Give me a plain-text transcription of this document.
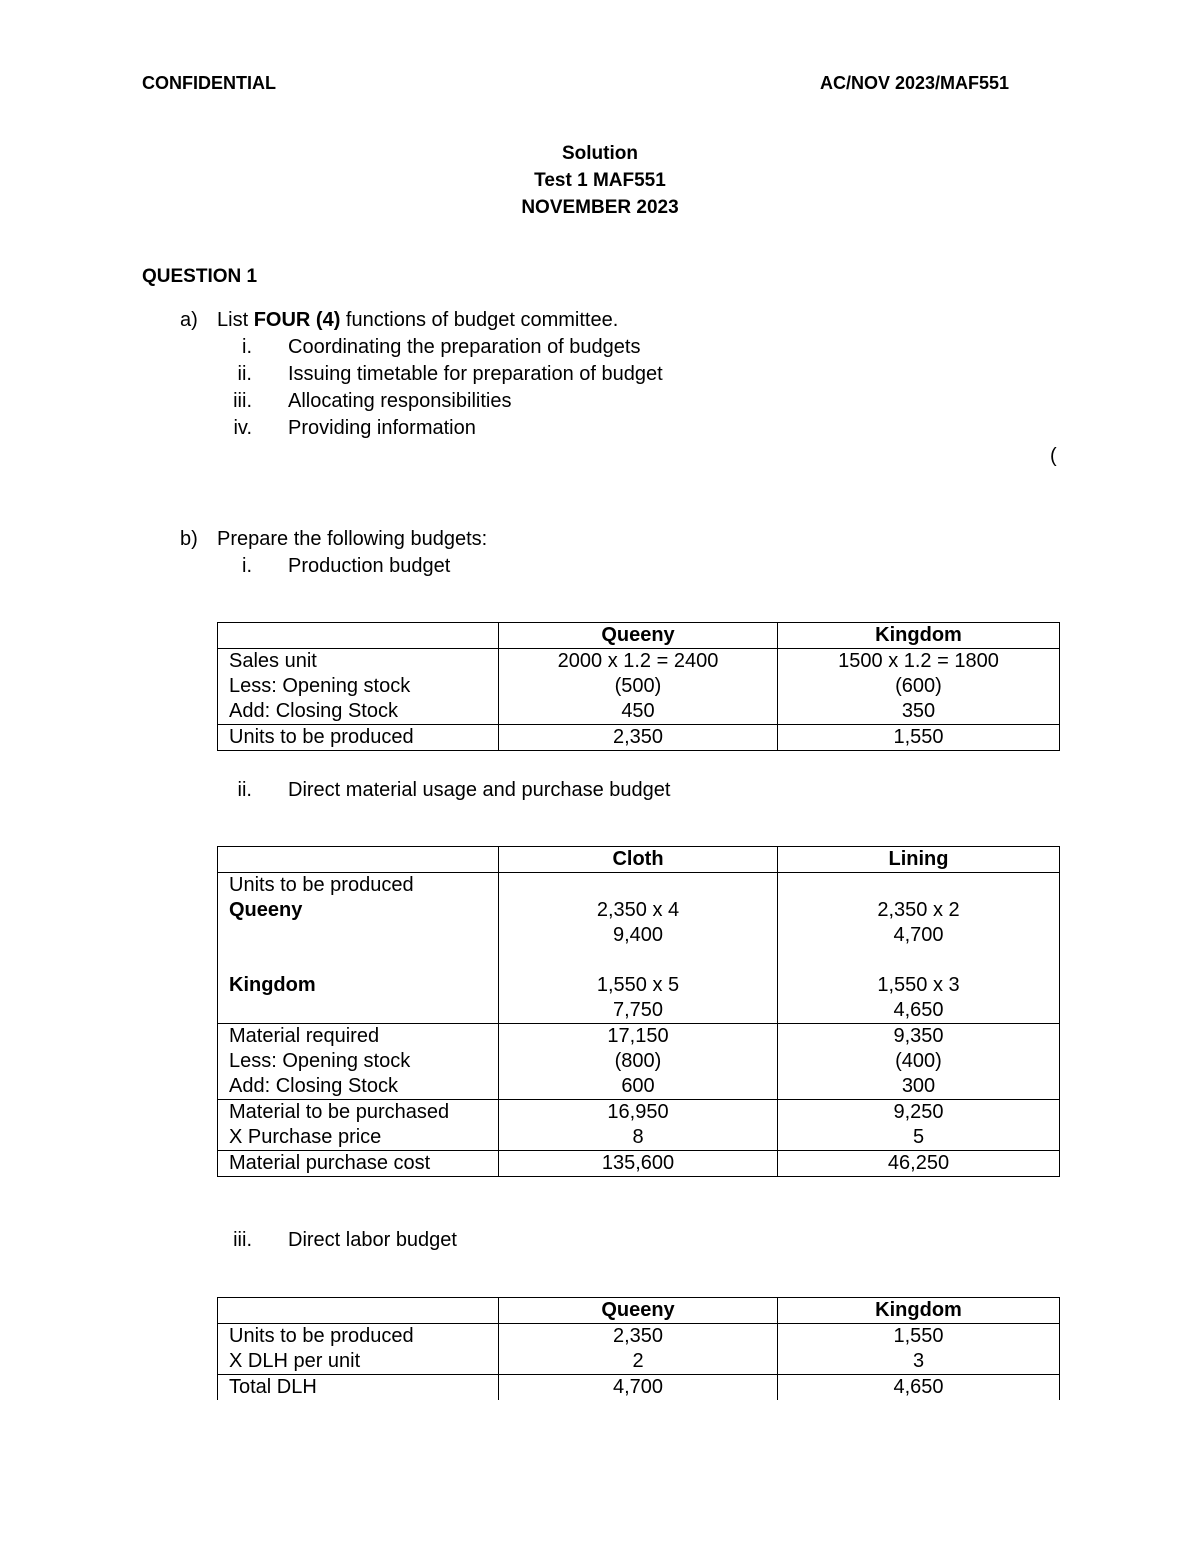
CONFIDENTIAL	AC/NOV 2023/MAF551
Solution
Test 1 MAF551
NOVEMBER 2023
QUESTION 1
a) List FOUR (4) functions of budget committee.
i. Coordinating the preparation of budgets
ii. Issuing timetable for preparation of budget
iii. Allocating responsibilities
iv. Providing information
(
b) Prepare the following budgets:
i. Production budget
	Queeny	Kingdom
Sales unit	2000 x 1.2 = 2400	1500 x 1.2 = 1800
Less: Opening stock	(500)	(600)
Add: Closing Stock	450	350
Units to be produced	2,350	1,550
ii. Direct material usage and purchase budget
	Cloth	Lining
Units to be produced		
Queeny	2,350 x 4	2,350 x 2
	9,400	4,700

Kingdom	1,550 x 5	1,550 x 3
	7,750	4,650
Material required	17,150	9,350
Less: Opening stock	(800)	(400)
Add: Closing Stock	600	300
Material to be purchased	16,950	9,250
X Purchase price	8	5
Material purchase cost	135,600	46,250
iii. Direct labor budget
	Queeny	Kingdom
Units to be produced	2,350	1,550
X DLH per unit	2	3
Total DLH	4,700	4,650
